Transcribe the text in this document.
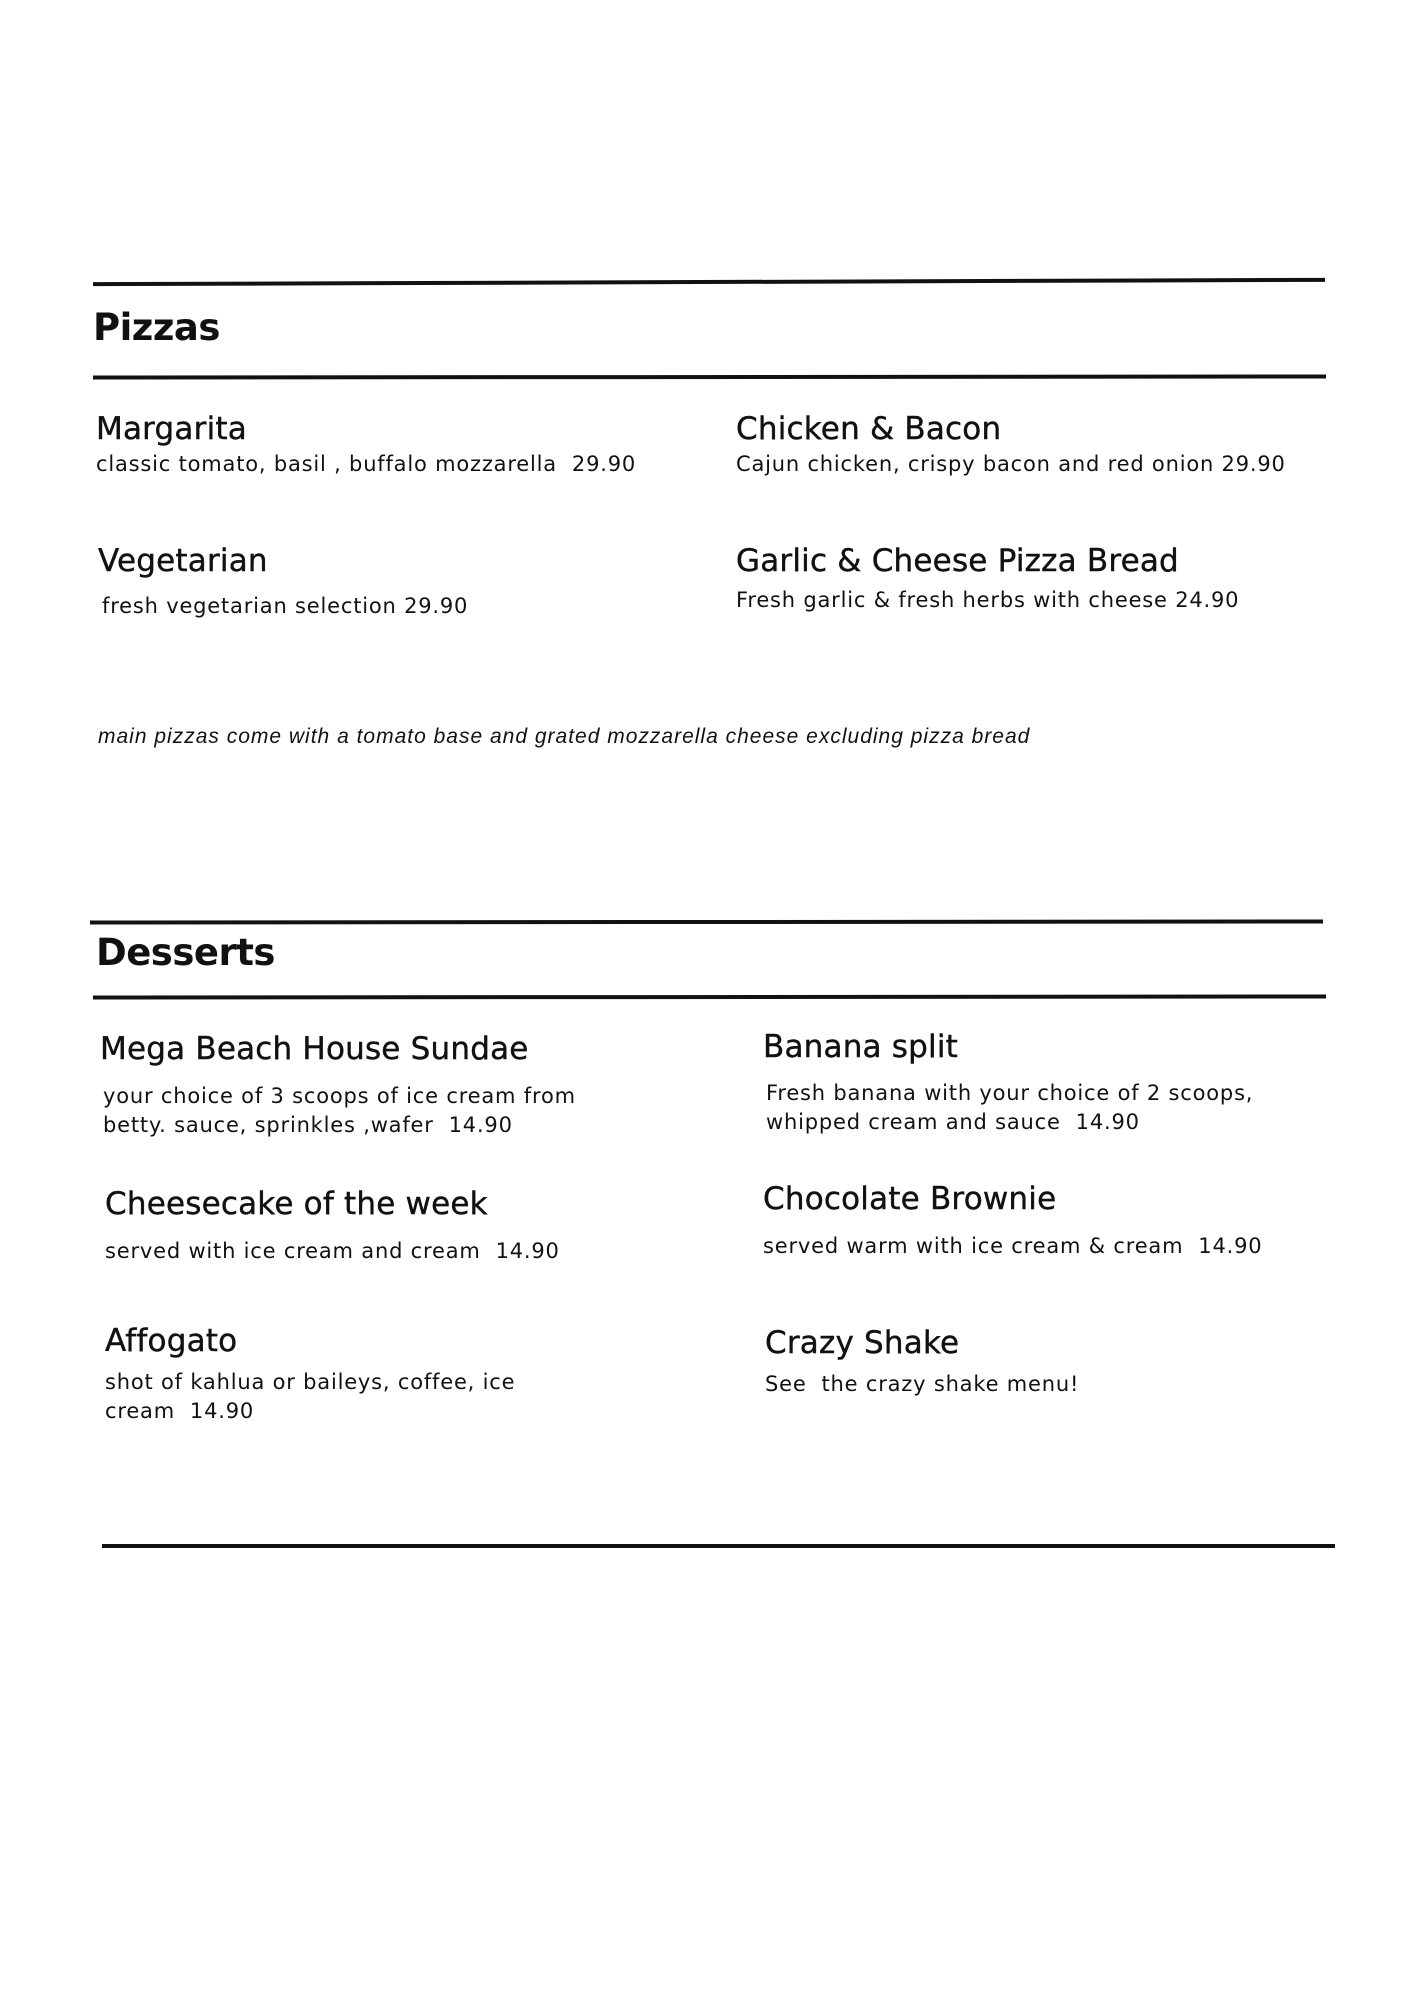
Pizzas
Margarita

classic tomato, basil , buffalo mozzarella  29.90

Chicken & Bacon

Cajun chicken, crispy bacon and red onion 29.90

Vegetarian

fresh vegetarian selection 29.90

Garlic & Cheese Pizza Bread

Fresh garlic & fresh herbs with cheese 24.90

main pizzas come with a tomato base and grated mozzarella cheese excluding pizza bread

Desserts
Mega Beach House Sundae

your choice of 3 scoops of ice cream from
betty. sauce, sprinkles ,wafer  14.90

Banana split

Fresh banana with your choice of 2 scoops,
whipped cream and sauce  14.90

Cheesecake of the week

served with ice cream and cream  14.90

Chocolate Brownie

served warm with ice cream & cream  14.90

Affogato

shot of kahlua or baileys, coffee, ice
cream  14.90

Crazy Shake

See  the crazy shake menu!
